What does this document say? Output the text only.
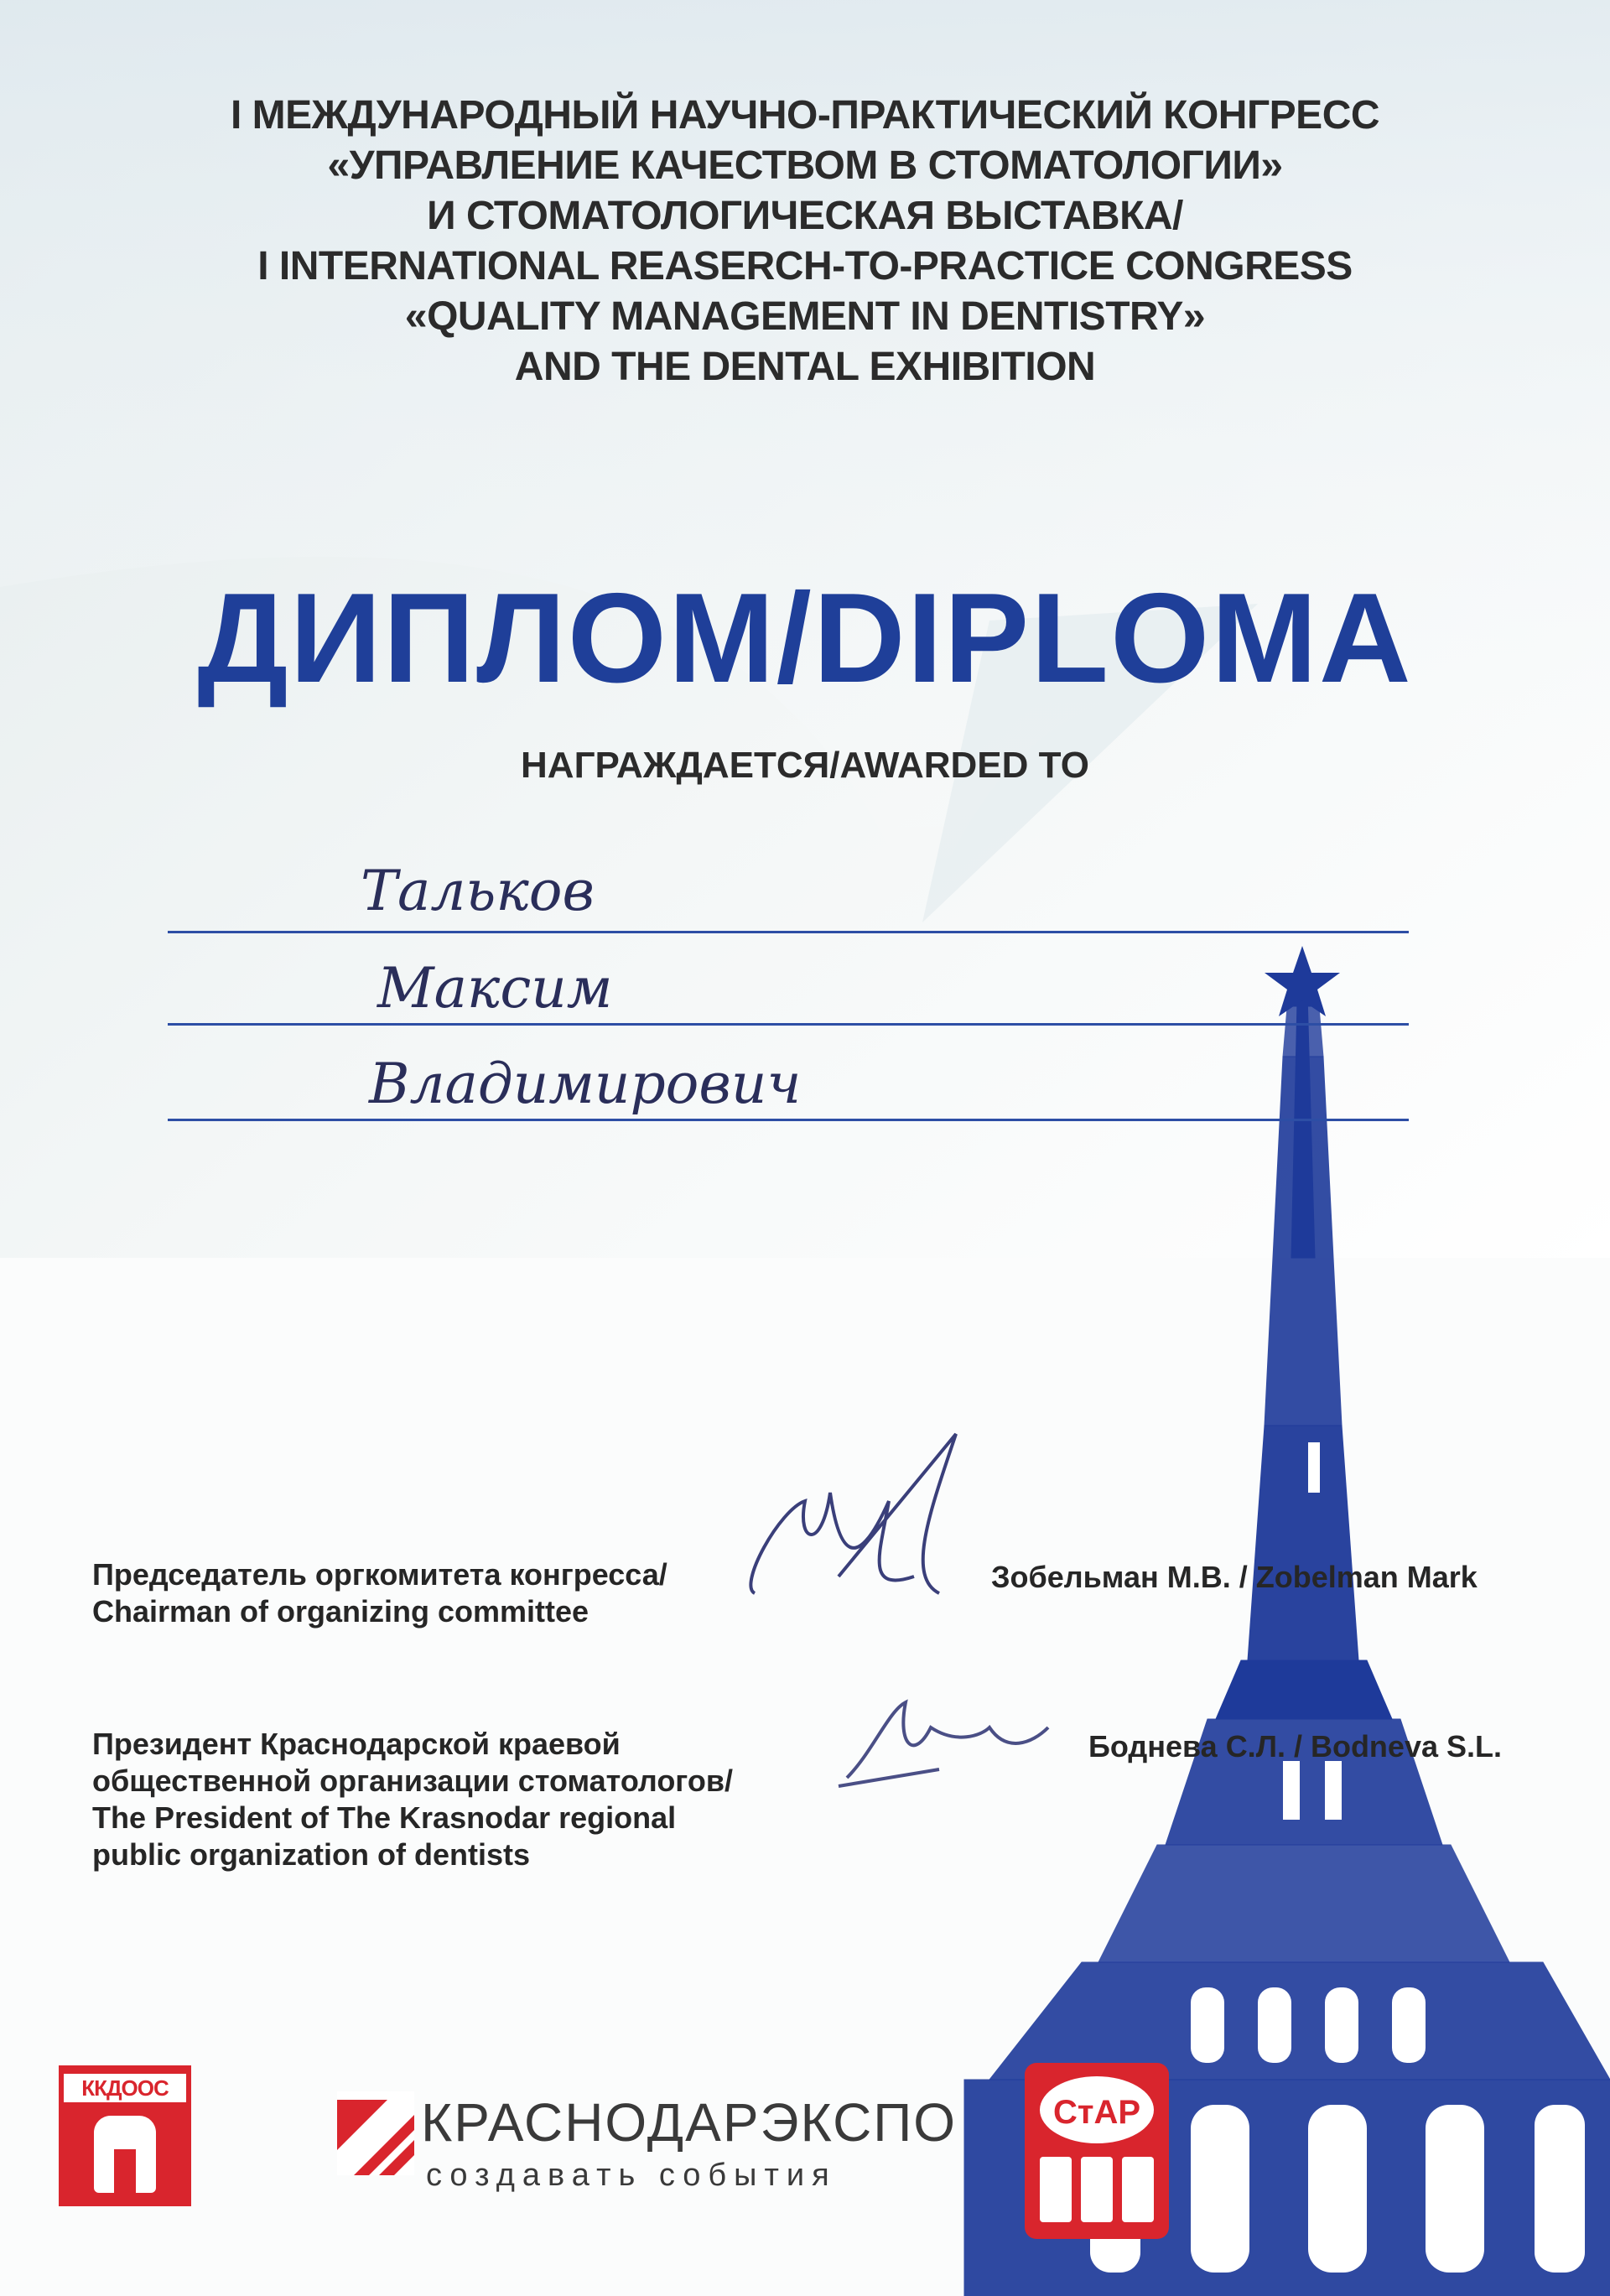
I МЕЖДУНАРОДНЫЙ НАУЧНО-ПРАКТИЧЕСКИЙ КОНГРЕСС
«УПРАВЛЕНИЕ КАЧЕСТВОМ В СТОМАТОЛОГИИ»
И СТОМАТОЛОГИЧЕСКАЯ ВЫСТАВКА/
I INTERNATIONAL REASERCH-TO-PRACTICE CONGRESS
«QUALITY MANAGEMENT IN DENTISTRY»
AND THE DENTAL EXHIBITION
ДИПЛОМ/DIPLOMA
НАГРАЖДАЕТСЯ/AWARDED TO
Тальков
Максим
Владимирович
Председатель оргкомитета конгресса/
Chairman of organizing committee
Зобельман М.В. / Zobelman Mark
Президент Краснодарской краевой
общественной организации стоматологов/
The President of The Krasnodar regional
public organization of dentists
Боднева С.Л. / Bodneva S.L.
ККДООС
КРАСНОДАРЭКСПО
создавать события
СтАР
